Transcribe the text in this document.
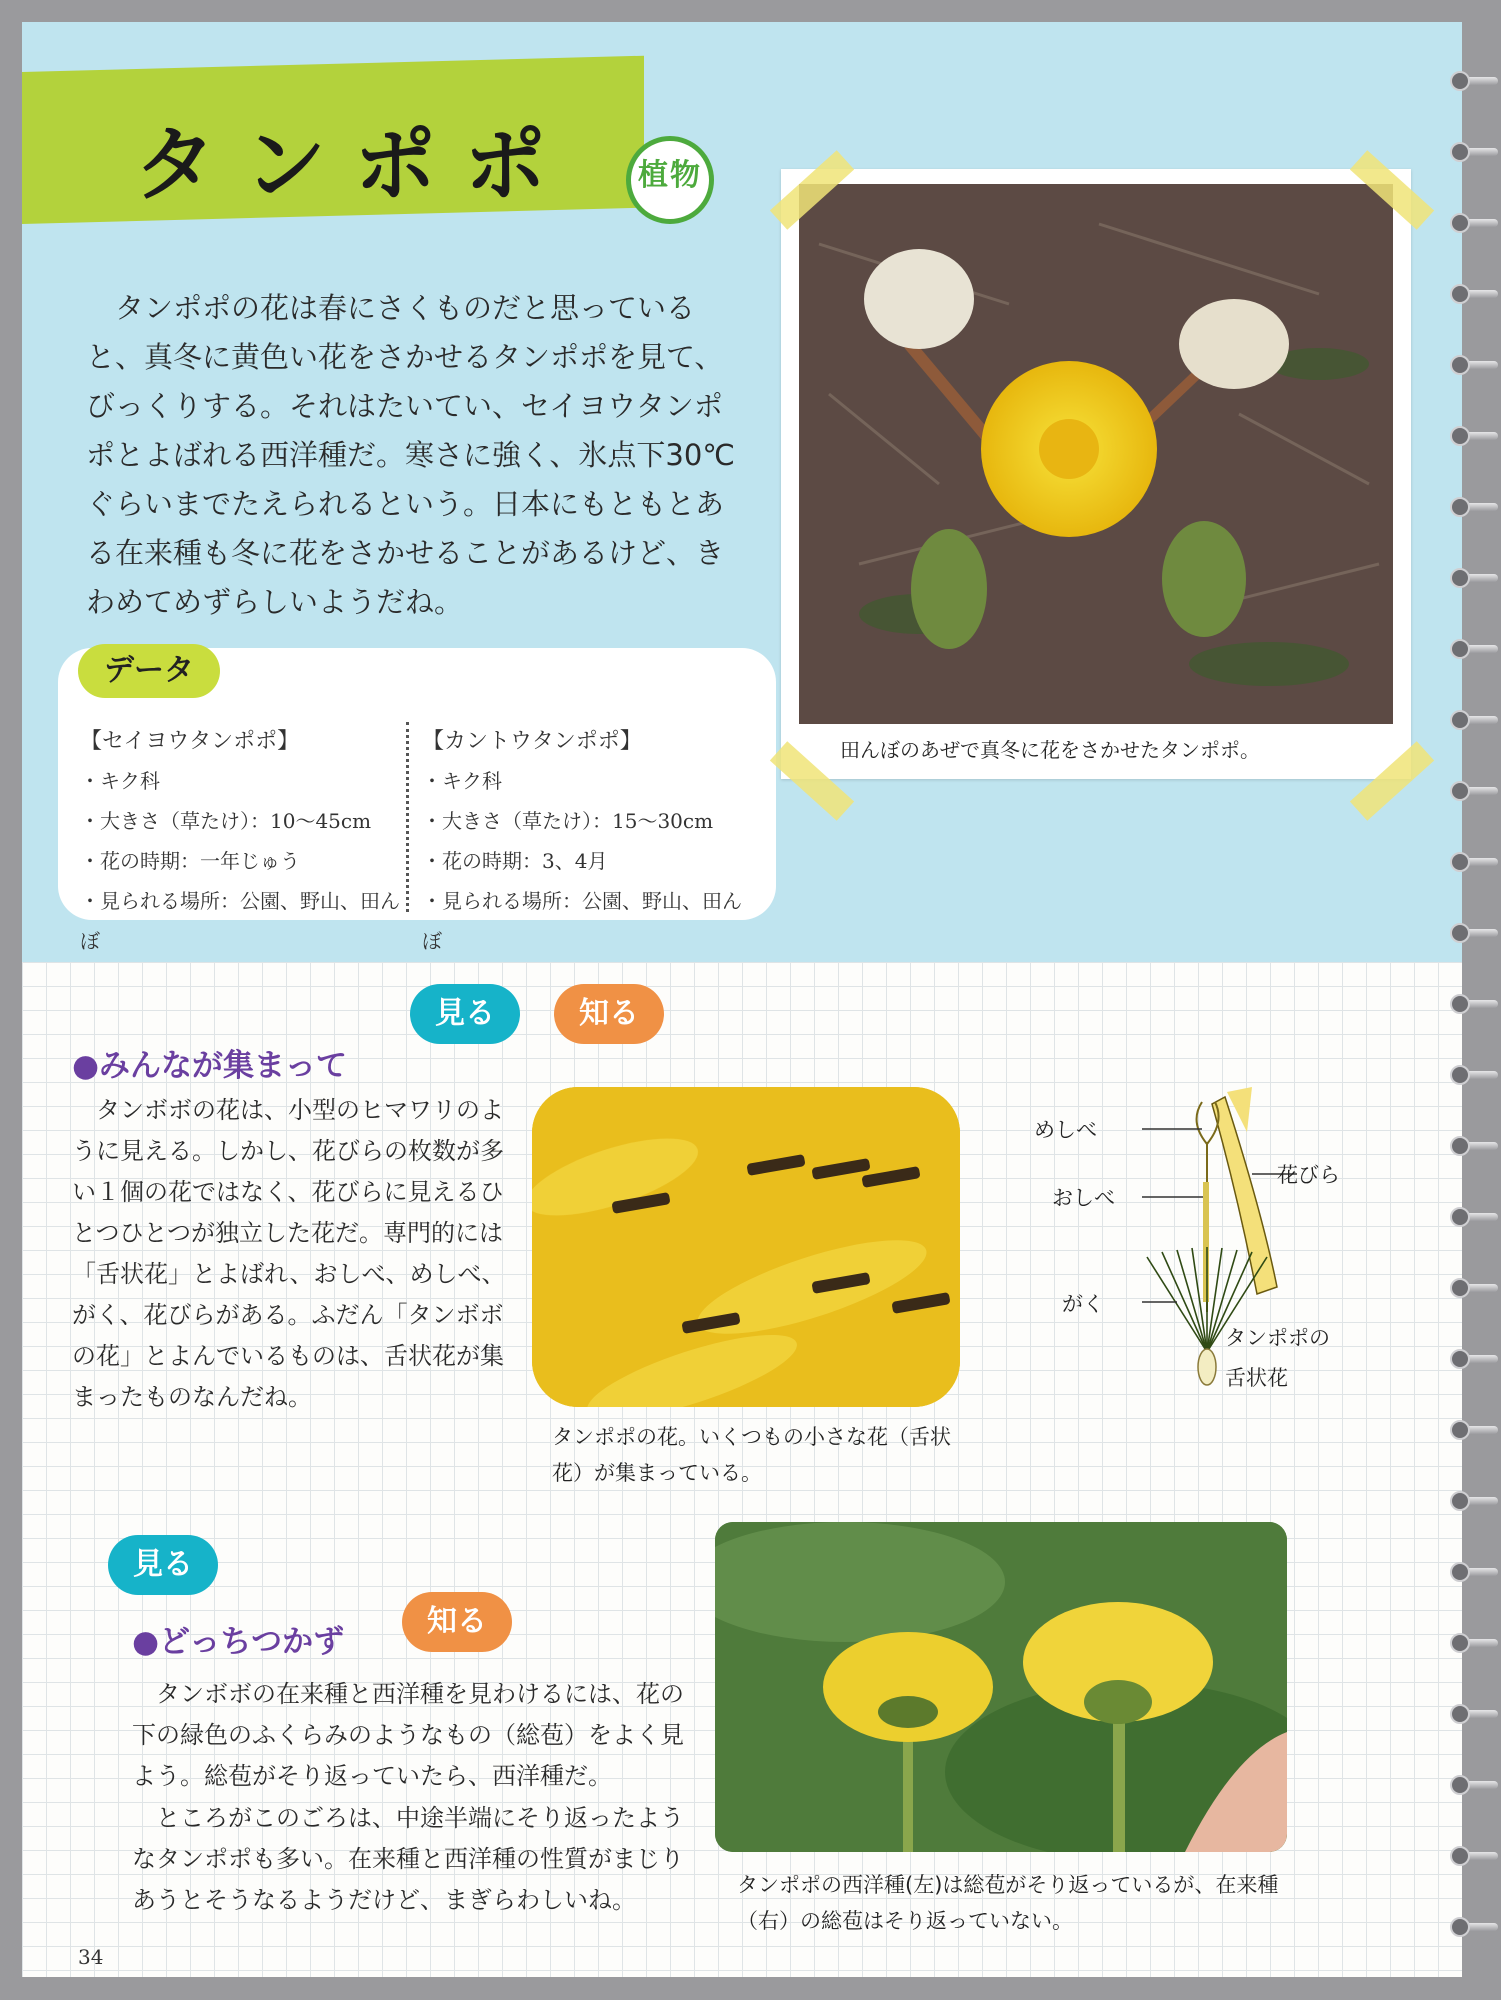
タンポポ 植物

タンポポの花は春にさくものだと思っていると、真冬に黄色い花をさかせるタンポポを見て、びっくりする。それはたいてい、セイヨウタンポポとよばれる西洋種だ。寒さに強く、氷点下30℃ぐらいまでたえられるという。日本にもともとある在来種も冬に花をさかせることがあるけど、きわめてめずらしいようだね。

データ
【セイヨウタンポポ】
・キク科
・大きさ（草たけ）：10～45cm
・花の時期：一年じゅう
・見られる場所：公園、野山、田んぼ
【カントウタンポポ】
・キク科
・大きさ（草たけ）：15～30cm
・花の時期：3、4月
・見られる場所：公園、野山、田んぼ
田んぼのあぜで真冬に花をさかせたタンポポ。
見る	知る
●みんなが集まって

タンボボの花は、小型のヒマワリのように見える。しかし、花びらの枚数が多い１個の花ではなく、花びらに見えるひとつひとつが独立した花だ。専門的には「舌状花」とよばれ、おしべ、めしべ、がく、花びらがある。ふだん「タンボボの花」とよんでいるものは、舌状花が集まったものなんだね。

タンポポの花。いくつもの小さな花（舌状花）が集まっている。
めしべ
おしべ
花びら
がく
タンポポの
舌状花
見る
知る
●どっちつかず

タンボボの在来種と西洋種を見わけるには、花の下の緑色のふくらみのようなもの（総苞）をよく見よう。総苞がそり返っていたら、西洋種だ。

ところがこのごろは、中途半端にそり返ったようなタンポポも多い。在来種と西洋種の性質がまじりあうとそうなるようだけど、まぎらわしいね。

タンポポの西洋種(左)は総苞がそり返っているが、在来種（右）の総苞はそり返っていない。
34
